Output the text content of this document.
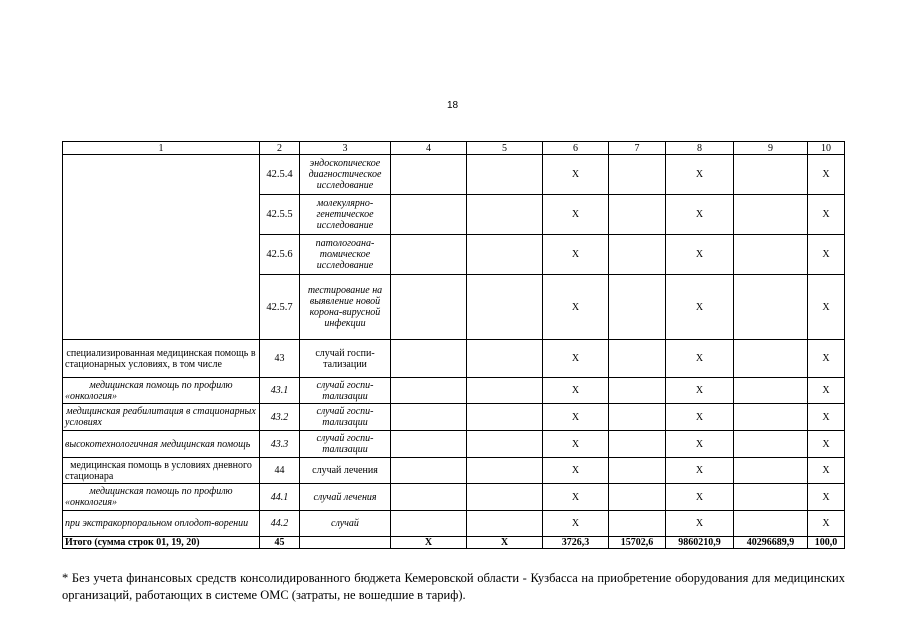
18
1	2	3	4	5	6	7	8	9	10
	42.5.4	эндоскопическое диагностическое исследование			X		X		X
	42.5.5	молекулярно-генетическое исследование			X		X		X
	42.5.6	патологоана-томическое исследование			X		X		X
	42.5.7	тестирование на выявление новой корона-вирусной инфекции			X		X		X
специализированная медицинская помощь в стационарных условиях, в том числе	43	случай госпи-тализации			X		X		X
медицинская помощь по профилю «онкология»	43.1	случай госпи-тализации			X		X		X
медицинская реабилитация в стационарных условиях	43.2	случай госпи-тализации			X		X		X
высокотехнологичная медицинская помощь	43.3	случай госпи-тализации			X		X		X
медицинская помощь в условиях дневного стационара	44	случай лечения			X		X		X
медицинская помощь по профилю «онкология»	44.1	случай лечения			X		X		X
при экстракорпоральном оплодот-ворении	44.2	случай			X		X		X
Итого (сумма строк 01, 19, 20)	45		X	X	3726,3	15702,6	9860210,9	40296689,9	100,0
* Без учета финансовых средств консолидированного бюджета Кемеровской области - Кузбасса на приобретение оборудования для медицинских организаций, работающих в системе ОМС (затраты, не вошедшие в тариф).
